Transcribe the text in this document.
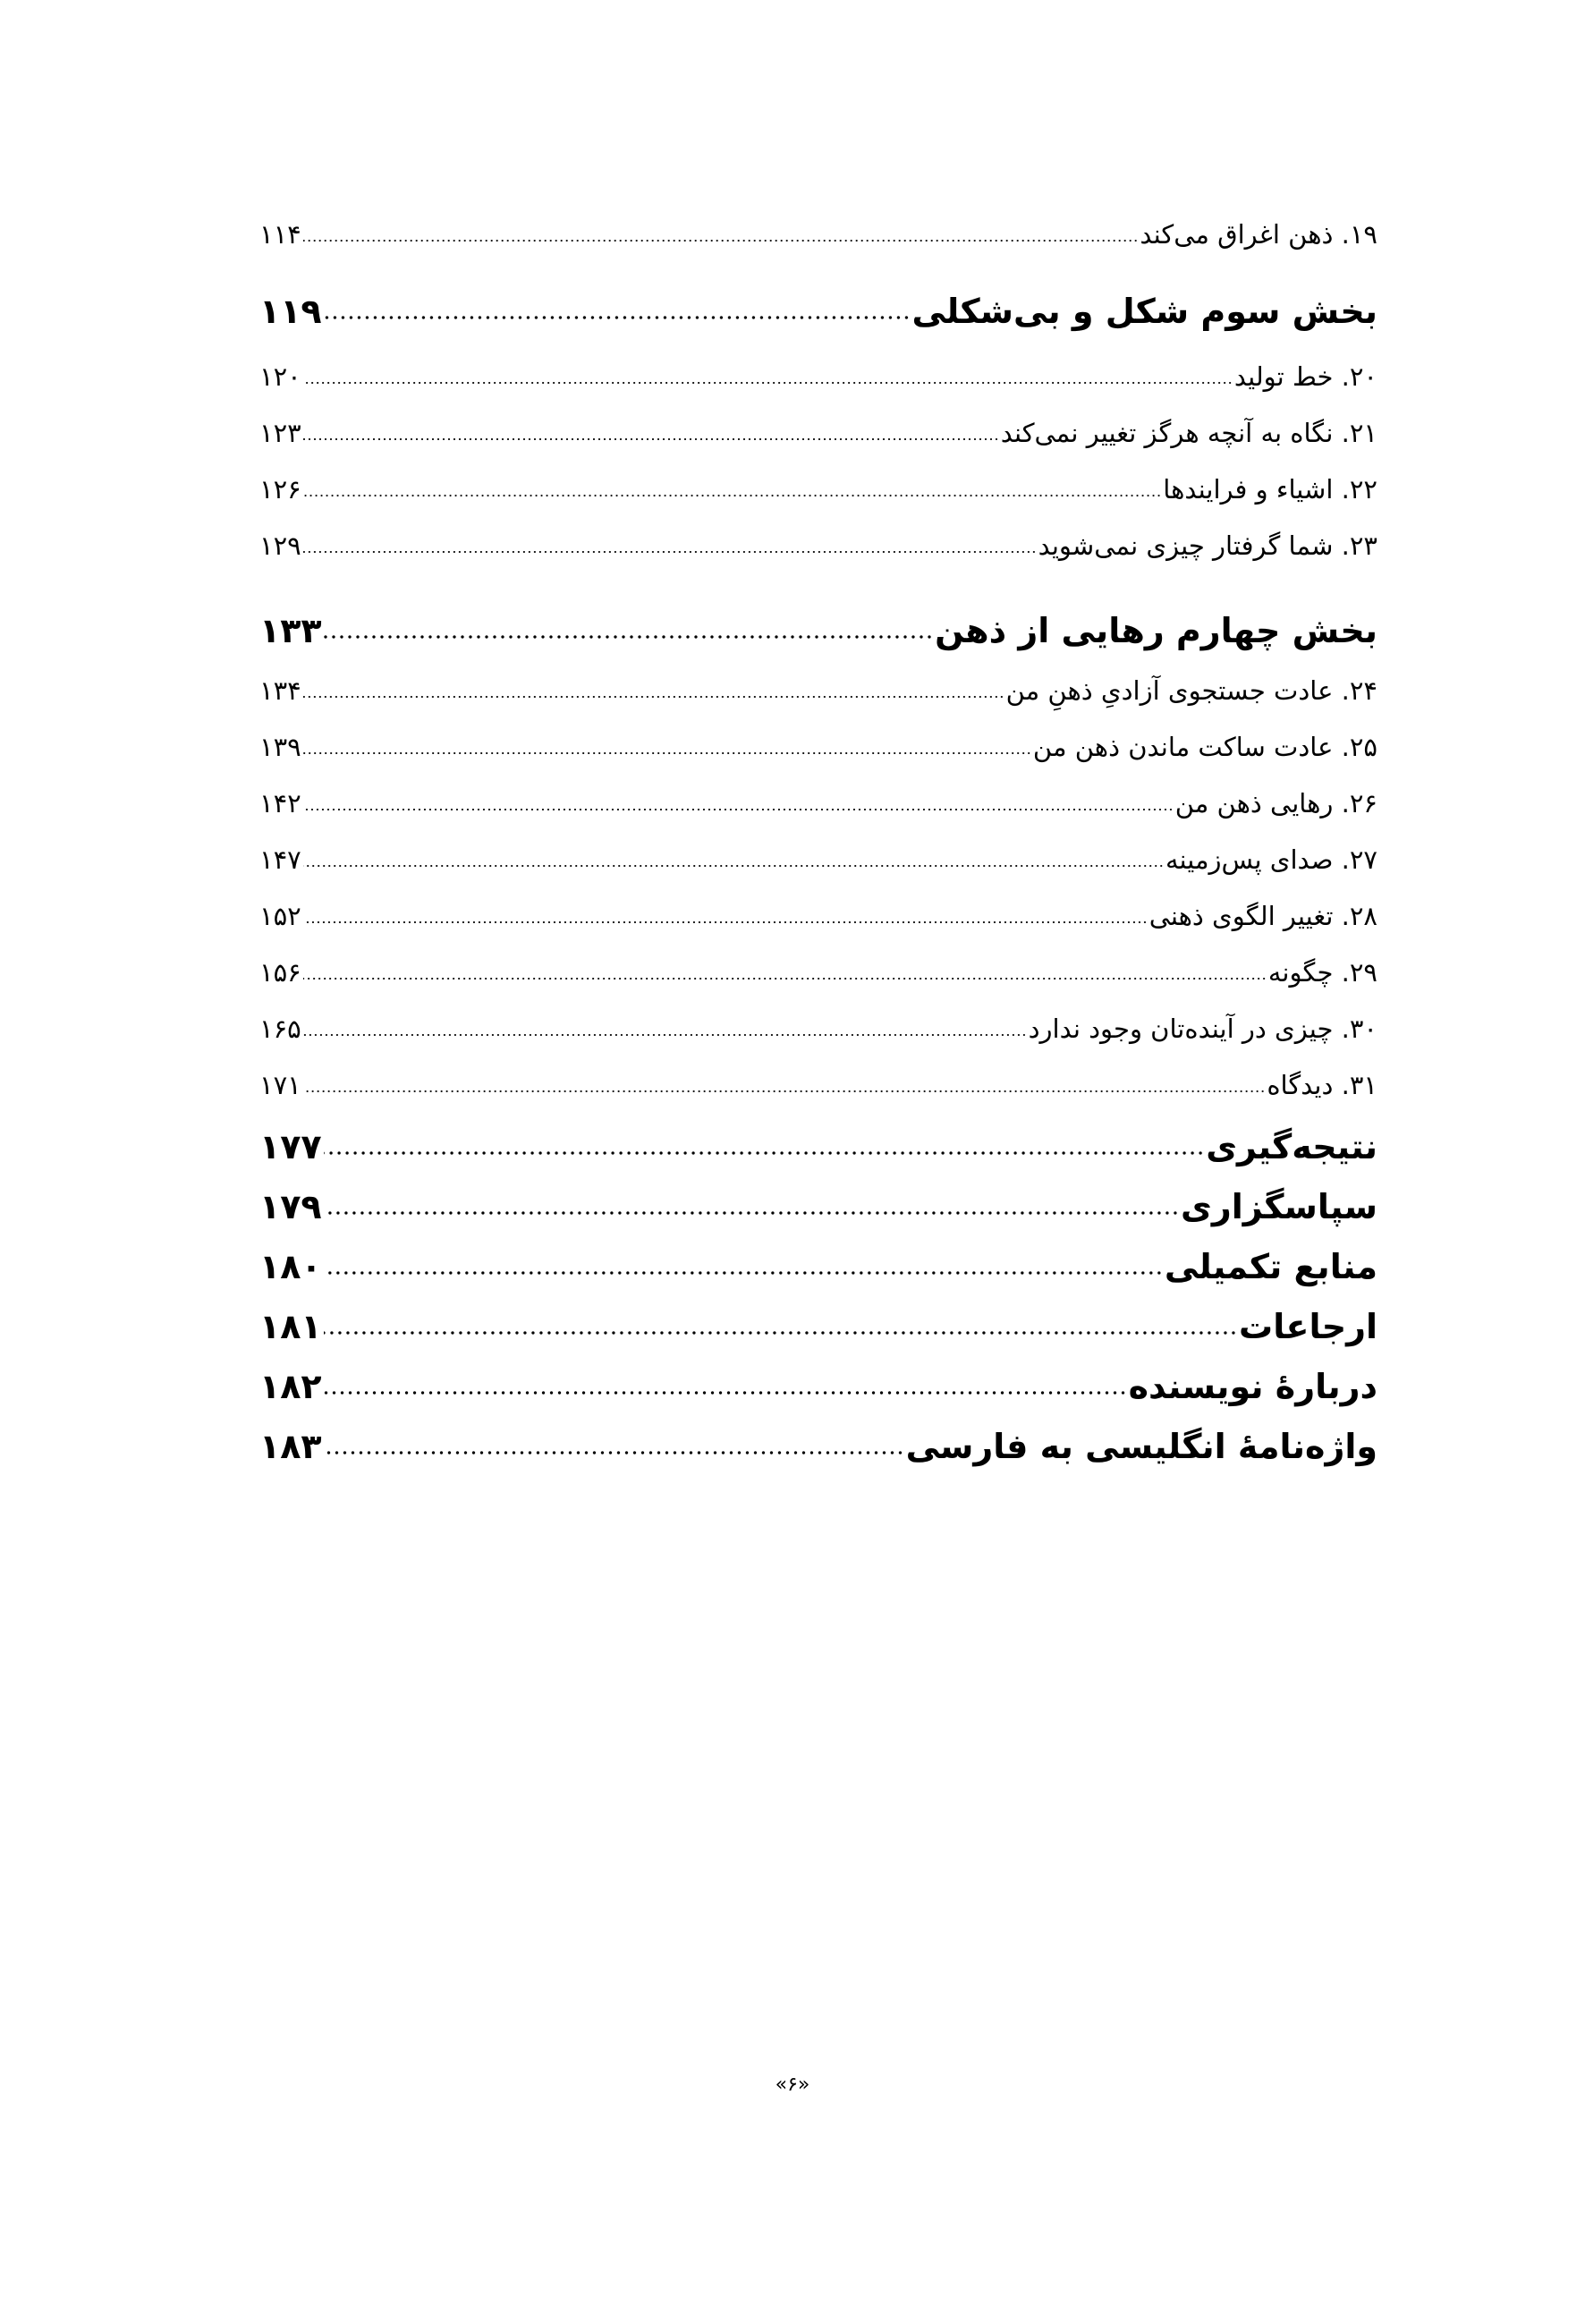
۱۹. ذهن اغراق می‌کند
۱۱۴
بخش سوم شکل و بی‌شکلی
۱۱۹
۲۰. خط تولید
۱۲۰
۲۱. نگاه به آنچه هرگز تغییر نمی‌کند
۱۲۳
۲۲. اشیاء و فرایندها
۱۲۶
۲۳. شما گرفتار چیزی نمی‌شوید
۱۲۹
بخش چهارم رهایی از ذهن
۱۳۳
۲۴. عادت جستجوی آزادیِ ذهنِ من
۱۳۴
۲۵. عادت ساکت ماندن ذهن من
۱۳۹
۲۶. رهایی ذهن من
۱۴۲
۲۷. صدای پس‌زمینه
۱۴۷
۲۸. تغییر الگوی ذهنی
۱۵۲
۲۹. چگونه
۱۵۶
۳۰. چیزی در آینده‌تان وجود ندارد
۱۶۵
۳۱. دیدگاه
۱۷۱
نتیجه‌گیری
۱۷۷
سپاسگزاری
۱۷۹
منابع تکمیلی
۱۸۰
ارجاعات
۱۸۱
دربارۀ نویسنده
۱۸۲
واژه‌نامۀ انگلیسی به فارسی
۱۸۳
«۶»
